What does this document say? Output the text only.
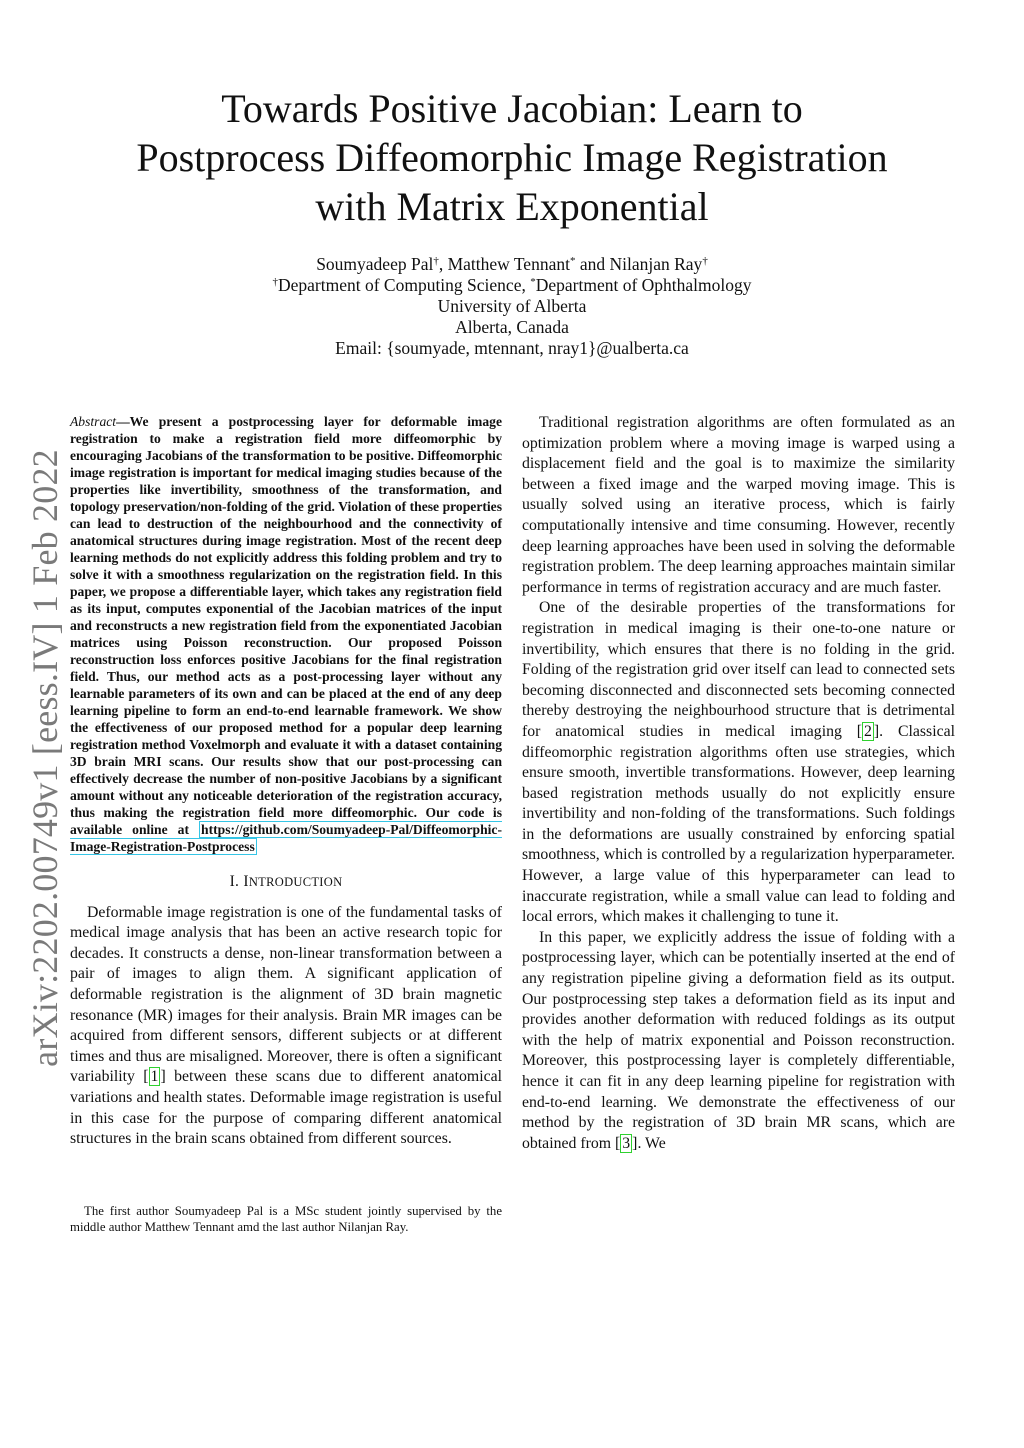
Towards Positive Jacobian: Learn to
Postprocess Diffeomorphic Image Registration
with Matrix Exponential
Soumyadeep Pal†, Matthew Tennant* and Nilanjan Ray†
†Department of Computing Science, *Department of Ophthalmology
University of Alberta
Alberta, Canada
Email: {soumyade, mtennant, nray1}@ualberta.ca
arXiv:2202.00749v1 [eess.IV] 1 Feb 2022
Abstract—We present a postprocessing layer for deformable image registration to make a registration field more diffeomorphic by encouraging Jacobians of the transformation to be positive. Diffeomorphic image registration is important for medical imaging studies because of the properties like invertibility, smoothness of the transformation, and topology preservation/non-folding of the grid. Violation of these properties can lead to destruction of the neighbourhood and the connectivity of anatomical structures during image registration. Most of the recent deep learning methods do not explicitly address this folding problem and try to solve it with a smoothness regularization on the registration field. In this paper, we propose a differentiable layer, which takes any registration field as its input, computes exponential of the Jacobian matrices of the input and reconstructs a new registration field from the exponentiated Jacobian matrices using Poisson reconstruction. Our proposed Poisson reconstruction loss enforces positive Jacobians for the final registration field. Thus, our method acts as a post-processing layer without any learnable parameters of its own and can be placed at the end of any deep learning pipeline to form an end-to-end learnable framework. We show the effectiveness of our proposed method for a popular deep learning registration method Voxelmorph and evaluate it with a dataset containing 3D brain MRI scans. Our results show that our post-processing can effectively decrease the number of non-positive Jacobians by a significant amount without any noticeable deterioration of the registration accuracy, thus making the registration field more diffeomorphic. Our code is available online at https://github.com/Soumyadeep-Pal/Diffeomorphic-Image-Registration-Postprocess
I. INTRODUCTION

Deformable image registration is one of the fundamental tasks of medical image analysis that has been an active research topic for decades. It constructs a dense, non-linear transformation between a pair of images to align them. A significant application of deformable registration is the alignment of 3D brain magnetic resonance (MR) images for their analysis. Brain MR images can be acquired from different sensors, different subjects or at different times and thus are misaligned. Moreover, there is often a significant variability [ 1 ] between these scans due to different anatomical variations and health states. Deformable image registration is useful in this case for the purpose of comparing different anatomical structures in the brain scans obtained from different sources.

Traditional registration algorithms are often formulated as an optimization problem where a moving image is warped using a displacement field and the goal is to maximize the similarity between a fixed image and the warped moving image. This is usually solved using an iterative process, which is fairly computationally intensive and time consuming. However, recently deep learning approaches have been used in solving the deformable registration problem. The deep learning approaches maintain similar performance in terms of registration accuracy and are much faster.

One of the desirable properties of the transformations for registration in medical imaging is their one-to-one nature or invertibility, which ensures that there is no folding in the grid. Folding of the registration grid over itself can lead to connected sets becoming disconnected and disconnected sets becoming connected thereby destroying the neighbourhood structure that is detrimental for anatomical studies in medical imaging [ 2 ]. Classical diffeomorphic registration algorithms often use strategies, which ensure smooth, invertible transformations. However, deep learning based registration methods usually do not explicitly ensure invertibility and non-folding of the transformations. Such foldings in the deformations are usually constrained by enforcing spatial smoothness, which is controlled by a regularization hyperparameter. However, a large value of this hyperparameter can lead to inaccurate registration, while a small value can lead to folding and local errors, which makes it challenging to tune it.

In this paper, we explicitly address the issue of folding with a postprocessing layer, which can be potentially inserted at the end of any registration pipeline giving a deformation field as its output. Our postprocessing step takes a deformation field as its input and provides another deformation with reduced foldings as its output with the help of matrix exponential and Poisson reconstruction. Moreover, this postprocessing layer is completely differentiable, hence it can fit in any deep learning pipeline for registration with end-to-end learning. We demonstrate the effectiveness of our method by the registration of 3D brain MR scans, which are obtained from [ 3 ]. We

The first author Soumyadeep Pal is a MSc student jointly supervised by the middle author Matthew Tennant amd the last author Nilanjan Ray.
